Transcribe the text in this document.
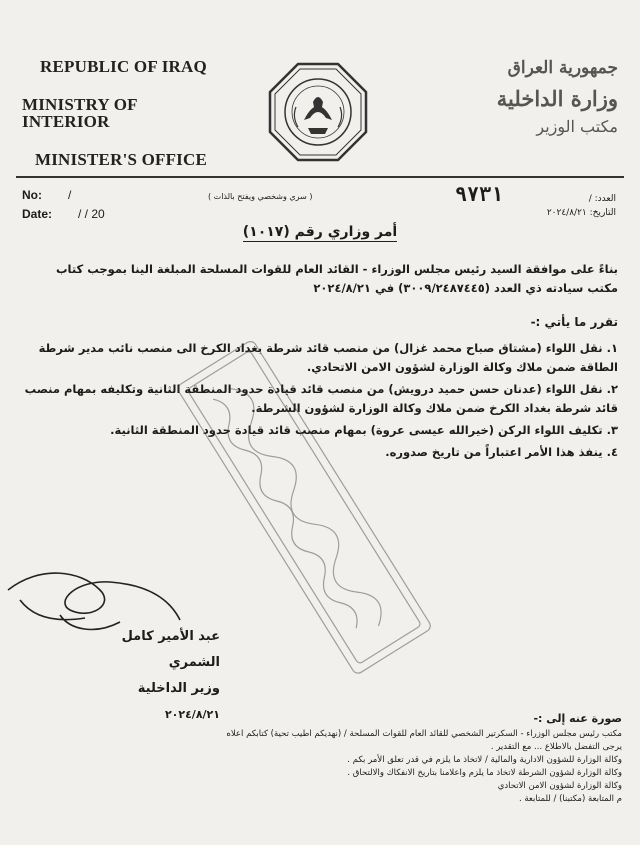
REPUBLIC OF IRAQ
MINISTRY OF INTERIOR
MINISTER'S OFFICE
جمهورية العراق
وزارة الداخلية
مكتب الوزير
No: /
Date: / / 20
( سري وشخصي ويفتح بالذات )	٩٧٣١	العدد: /
التاريخ: ٢٠٢٤/٨/٢١
أمر وزاري رقم (١٠١٧)
بناءً على موافقة السيد رئيس مجلس الوزراء - القائد العام للقوات المسلحة المبلغة الينا بموجب كتاب مكتب سيادته ذي العدد (٣٠٠٩/٢٤٨٧٤٤٥) في ٢٠٢٤/٨/٢١
تقرر ما يأتي :-
١. نقل اللواء (مشتاق صباح محمد غزال) من منصب قائد شرطة بغداد الكرخ الى منصب نائب مدير شرطة الطاقة ضمن ملاك وكالة الوزارة لشؤون الامن الاتحادي.
٢. نقل اللواء (عدنان حسن حميد درويش) من منصب قائد قيادة حدود المنطقة الثانية وتكليفه بمهام منصب قائد شرطة بغداد الكرخ ضمن ملاك وكالة الوزارة لشؤون الشرطة.
٣. تكليف اللواء الركن (خيرالله عيسى عروة) بمهام منصب قائد قيادة حدود المنطقة الثانية.
٤. ينفذ هذا الأمر اعتباراً من تاريخ صدوره.
عبد الأمير كامل الشمري
وزير الداخلية
٢٠٢٤/٨/٢١	صورة عنه إلى :-
مكتب رئيس مجلس الوزراء - السكرتير الشخصي للقائد العام للقوات المسلحة / (نهديكم اطيب تحية) كتابكم اعلاه
يرجى التفضل بالاطلاع ... مع التقدير .
وكالة الوزارة للشؤون الادارية والمالية / لاتخاذ ما يلزم في قدر تعلق الأمر بكم .
وكالة الوزارة لشؤون الشرطة لاتخاذ ما يلزم واعلامنا بتاريخ الانفكاك والالتحاق .
وكالة الوزارة لشؤون الامن الاتحادي
م المتابعة (مكتبنا) / للمتابعة .
